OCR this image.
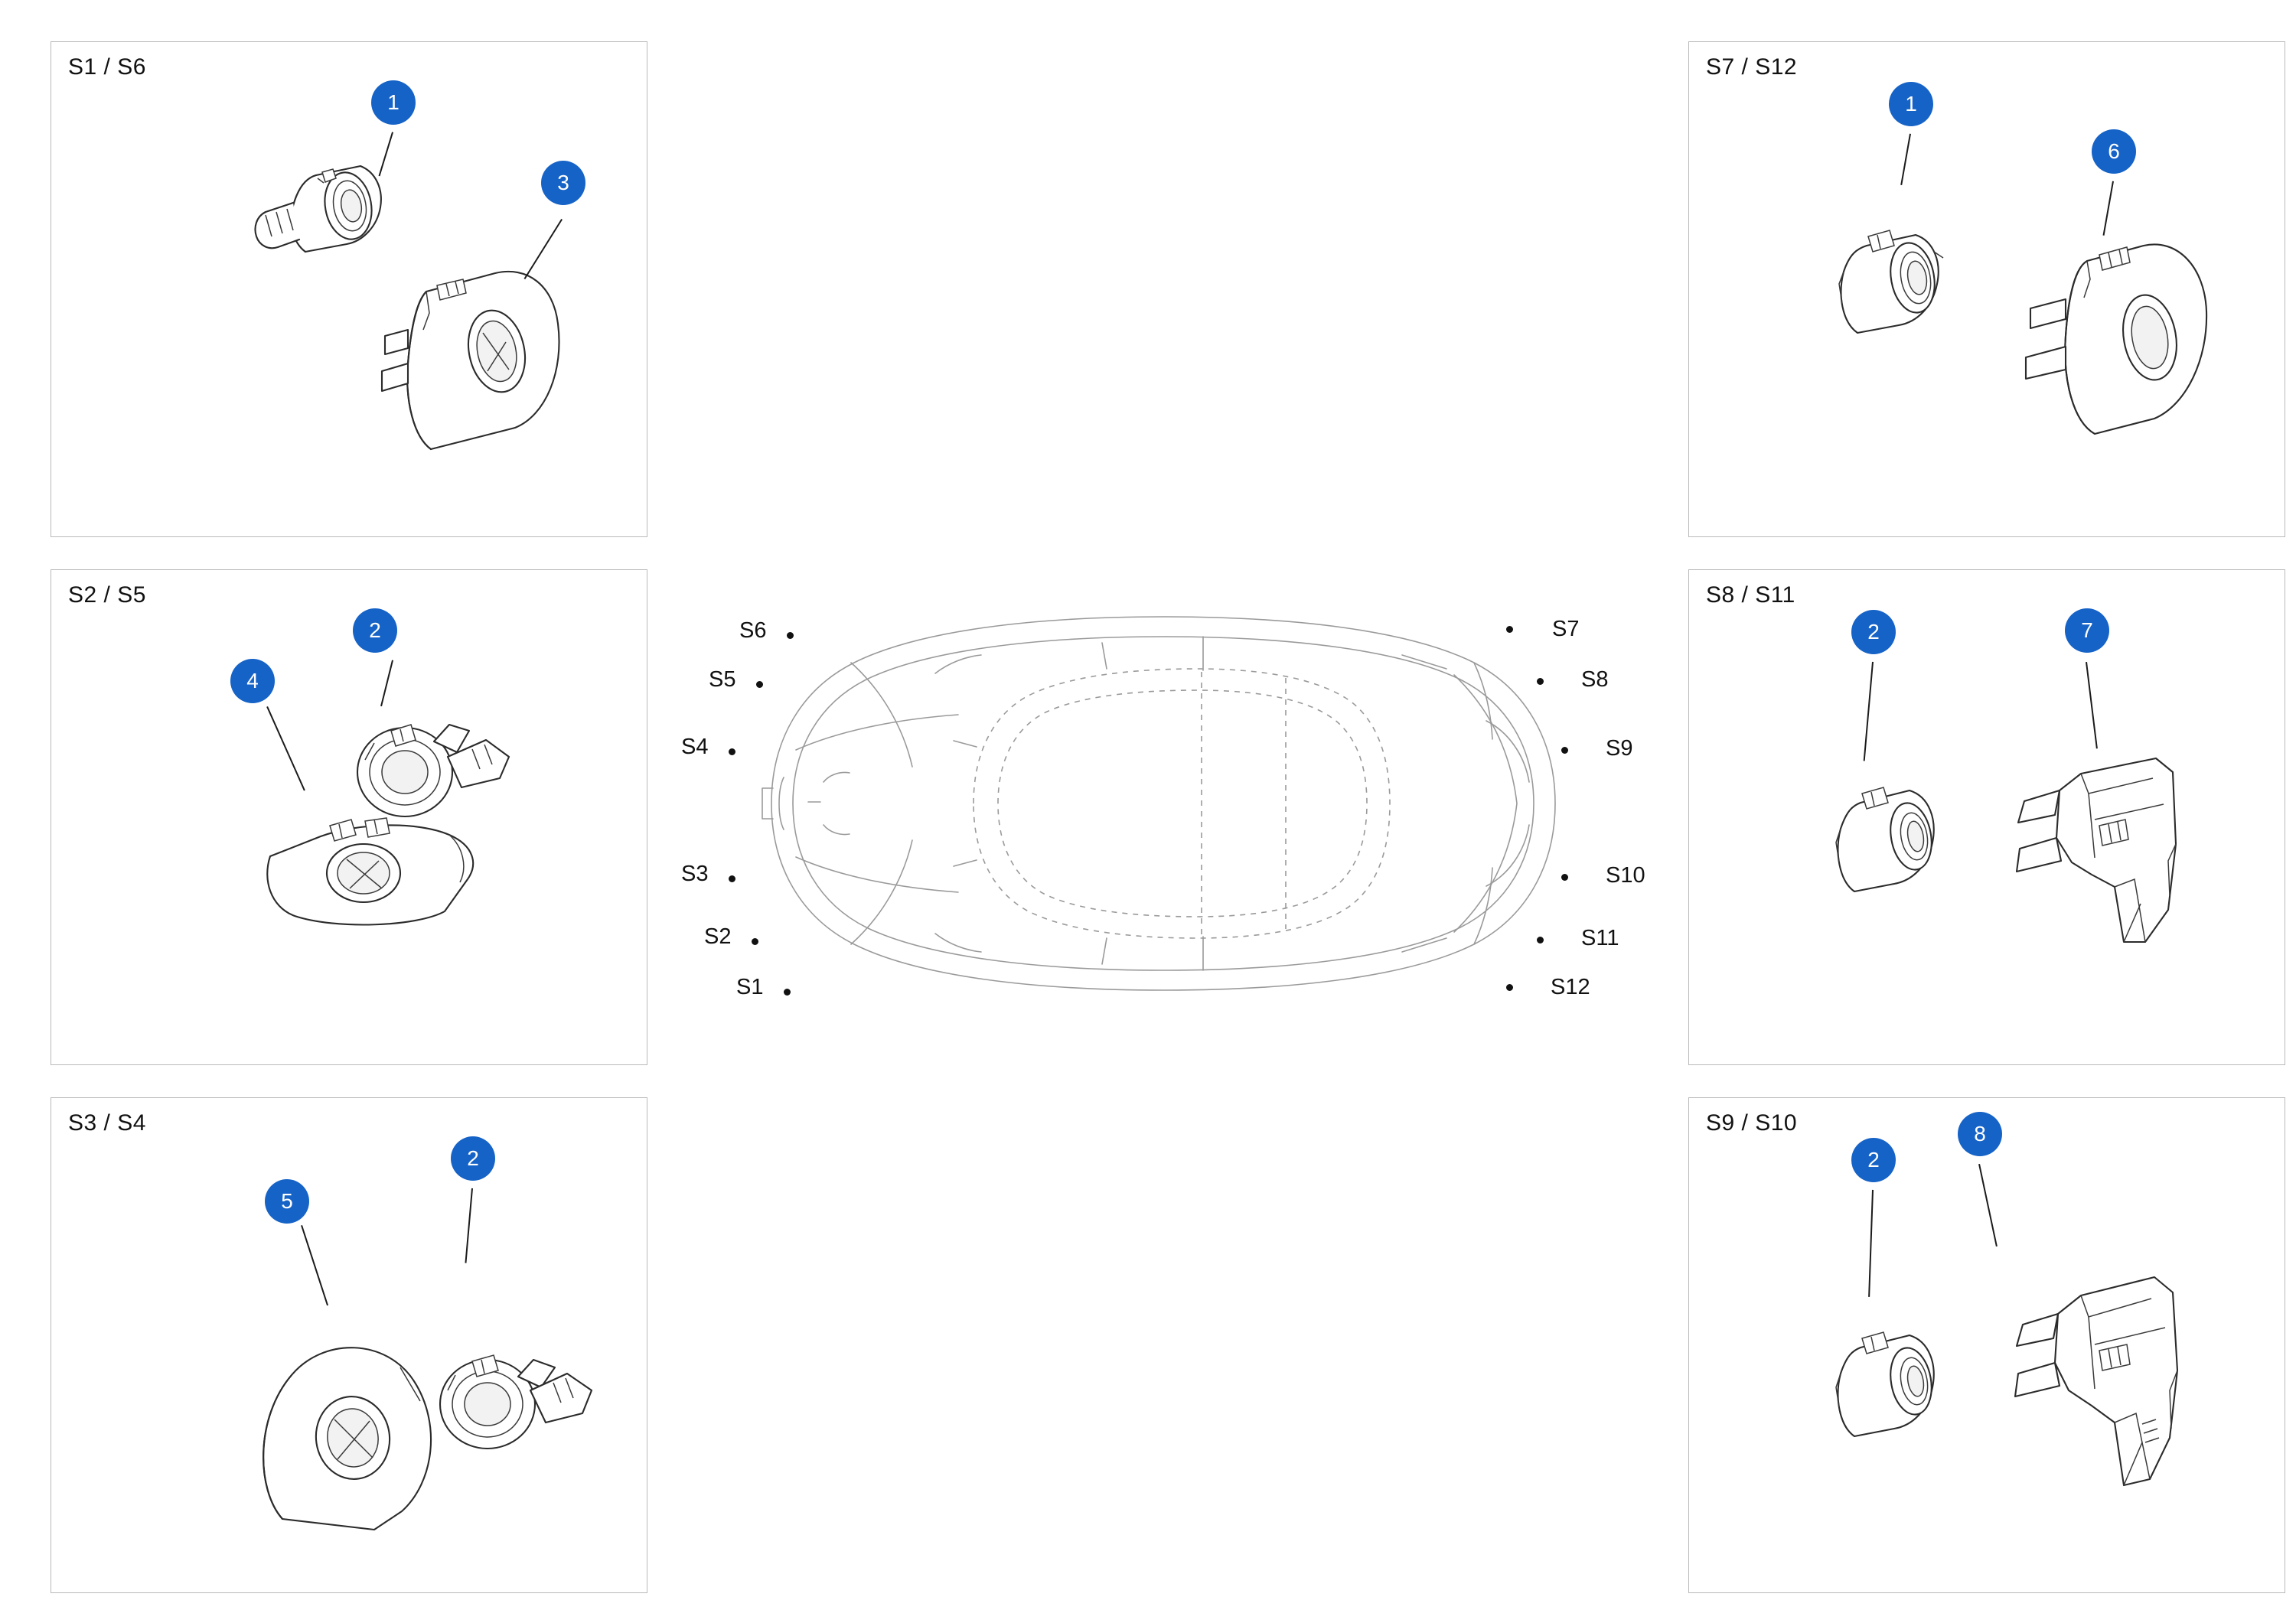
S1 / S6
1
3
S2 / S5
2
4
S3 / S4
5
2
S7 / S12
1
6
S8 / S11
2	7
S9 / S10
2
8
S6
S5
S4
S3
S2
S1
S7
S8
S9
S10
S11
S12
